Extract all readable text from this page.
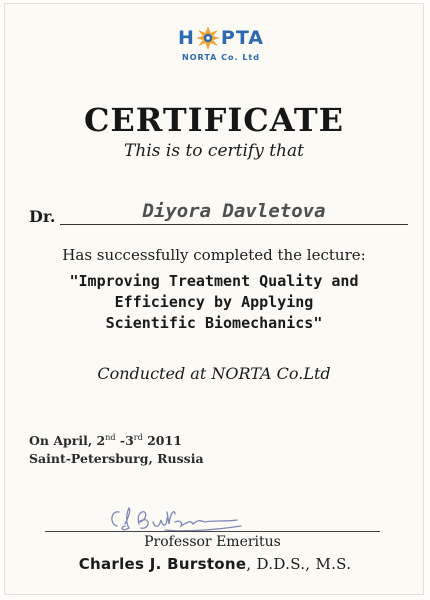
H PTA
NORTA Co. Ltd
CERTIFICATE
This is to certify that
Dr.	Diyora Davletova
Has successfully completed the lecture:
"Improving Treatment Quality and
Efficiency by Applying
Scientific Biomechanics"
Conducted at NORTA Co.Ltd
On April, 2nd -3rd 2011
Saint-Petersburg, Russia
Professor Emeritus
Charles J. Burstone, D.D.S., M.S.
